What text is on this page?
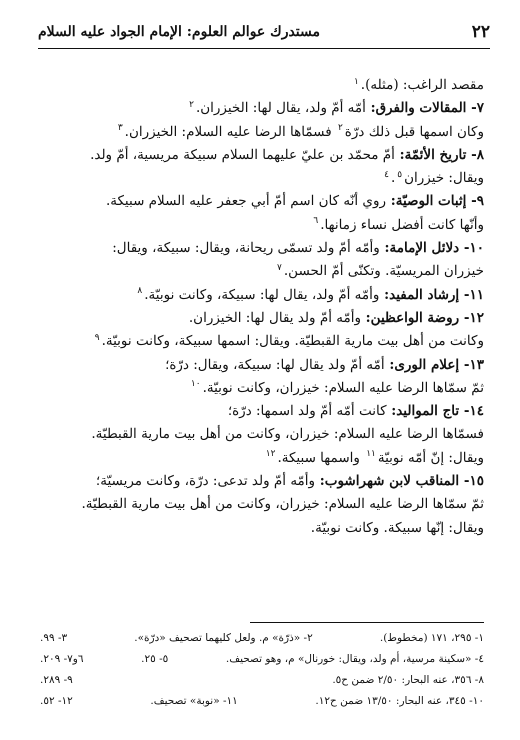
٢٢
مستدرك عوالم العلوم: الإمام الجواد عليه السلام
مقصد الراغب: (مثله).$^١$
٧- المقالات والفرق: أمّه أمّ ولد، يقال لها: الخيزران.$^٢$
وكان اسمها قبل ذلك درّة$^٢$ فسمّاها الرضا عليه السلام: الخيزران.$^٣$
٨- تاريخ الأئمّة: أمّ محمّد بن عليّ عليهما السلام سبيكة مريسية، أمّ ولد.
ويقال: خيزران$^٤$ . $^٥$
٩- إثبات الوصيّة: روي أنّه كان اسم أمّ أبي جعفر عليه السلام سبيكة.
وأنّها كانت أفضل نساء زمانها.$^٦$
١٠- دلائل الإمامة: وأمّه أمّ ولد تسمّى ريحانة، ويقال: سبيكة، ويقال:
خيزران المريسيّة. وتكنّى أمّ الحسن.$^٧$
١١- إرشاد المفيد: وأمّه أمّ ولد، يقال لها: سبيكة، وكانت نوبيّة.$^٨$
١٢- روضة الواعظين: وأمّه أمّ ولد يقال لها: الخيزران.
وكانت من أهل بيت مارية القبطيّة. ويقال: اسمها سبيكة، وكانت نوبيّة.$^٩$
١٣- إعلام الورى: أمّه أمّ ولد يقال لها: سبيكة، ويقال: درّة؛
ثمّ سمّاها الرضا عليه السلام: خيزران، وكانت نوبيّة.$^{١٠}$
١٤- تاج المواليد: كانت أمّه أمّ ولد اسمها: درّة؛
فسمّاها الرضا عليه السلام: خيزران، وكانت من أهل بيت مارية القبطيّة.
ويقال: إنّ أمّه نوبيّة$^{١١}$ واسمها سبيكة.$^{١٢}$
١٥- المناقب لابن شهراشوب: وأمّه أمّ ولد تدعى: درّة، وكانت مريسيّة؛
ثمّ سمّاها الرضا عليه السلام: خيزران، وكانت من أهل بيت مارية القبطيّة.
ويقال: إنّها سبيكة. وكانت نوبيّة.
١- ٢٩٥، ١٧١ (مخطوط).
٢- «ذرّة» م. ولعل كليهما تصحيف «درّة».
٣- ٩٩.
٤- «سكينة مرسية، أم ولد، ويقال: خورنال» م، وهو تصحيف.
٥- ٢٥.
٦و٧- ٢٠٩.
٨- ٣٥٦، عنه البحار: ٢/٥٠ ضمن ح٥.
٩- ٢٨٩.
١٠- ٣٤٥، عنه البحار: ١٣/٥٠ ضمن ح١٢.
١١- «نوبة» تصحيف.
١٢- ٥٢.
